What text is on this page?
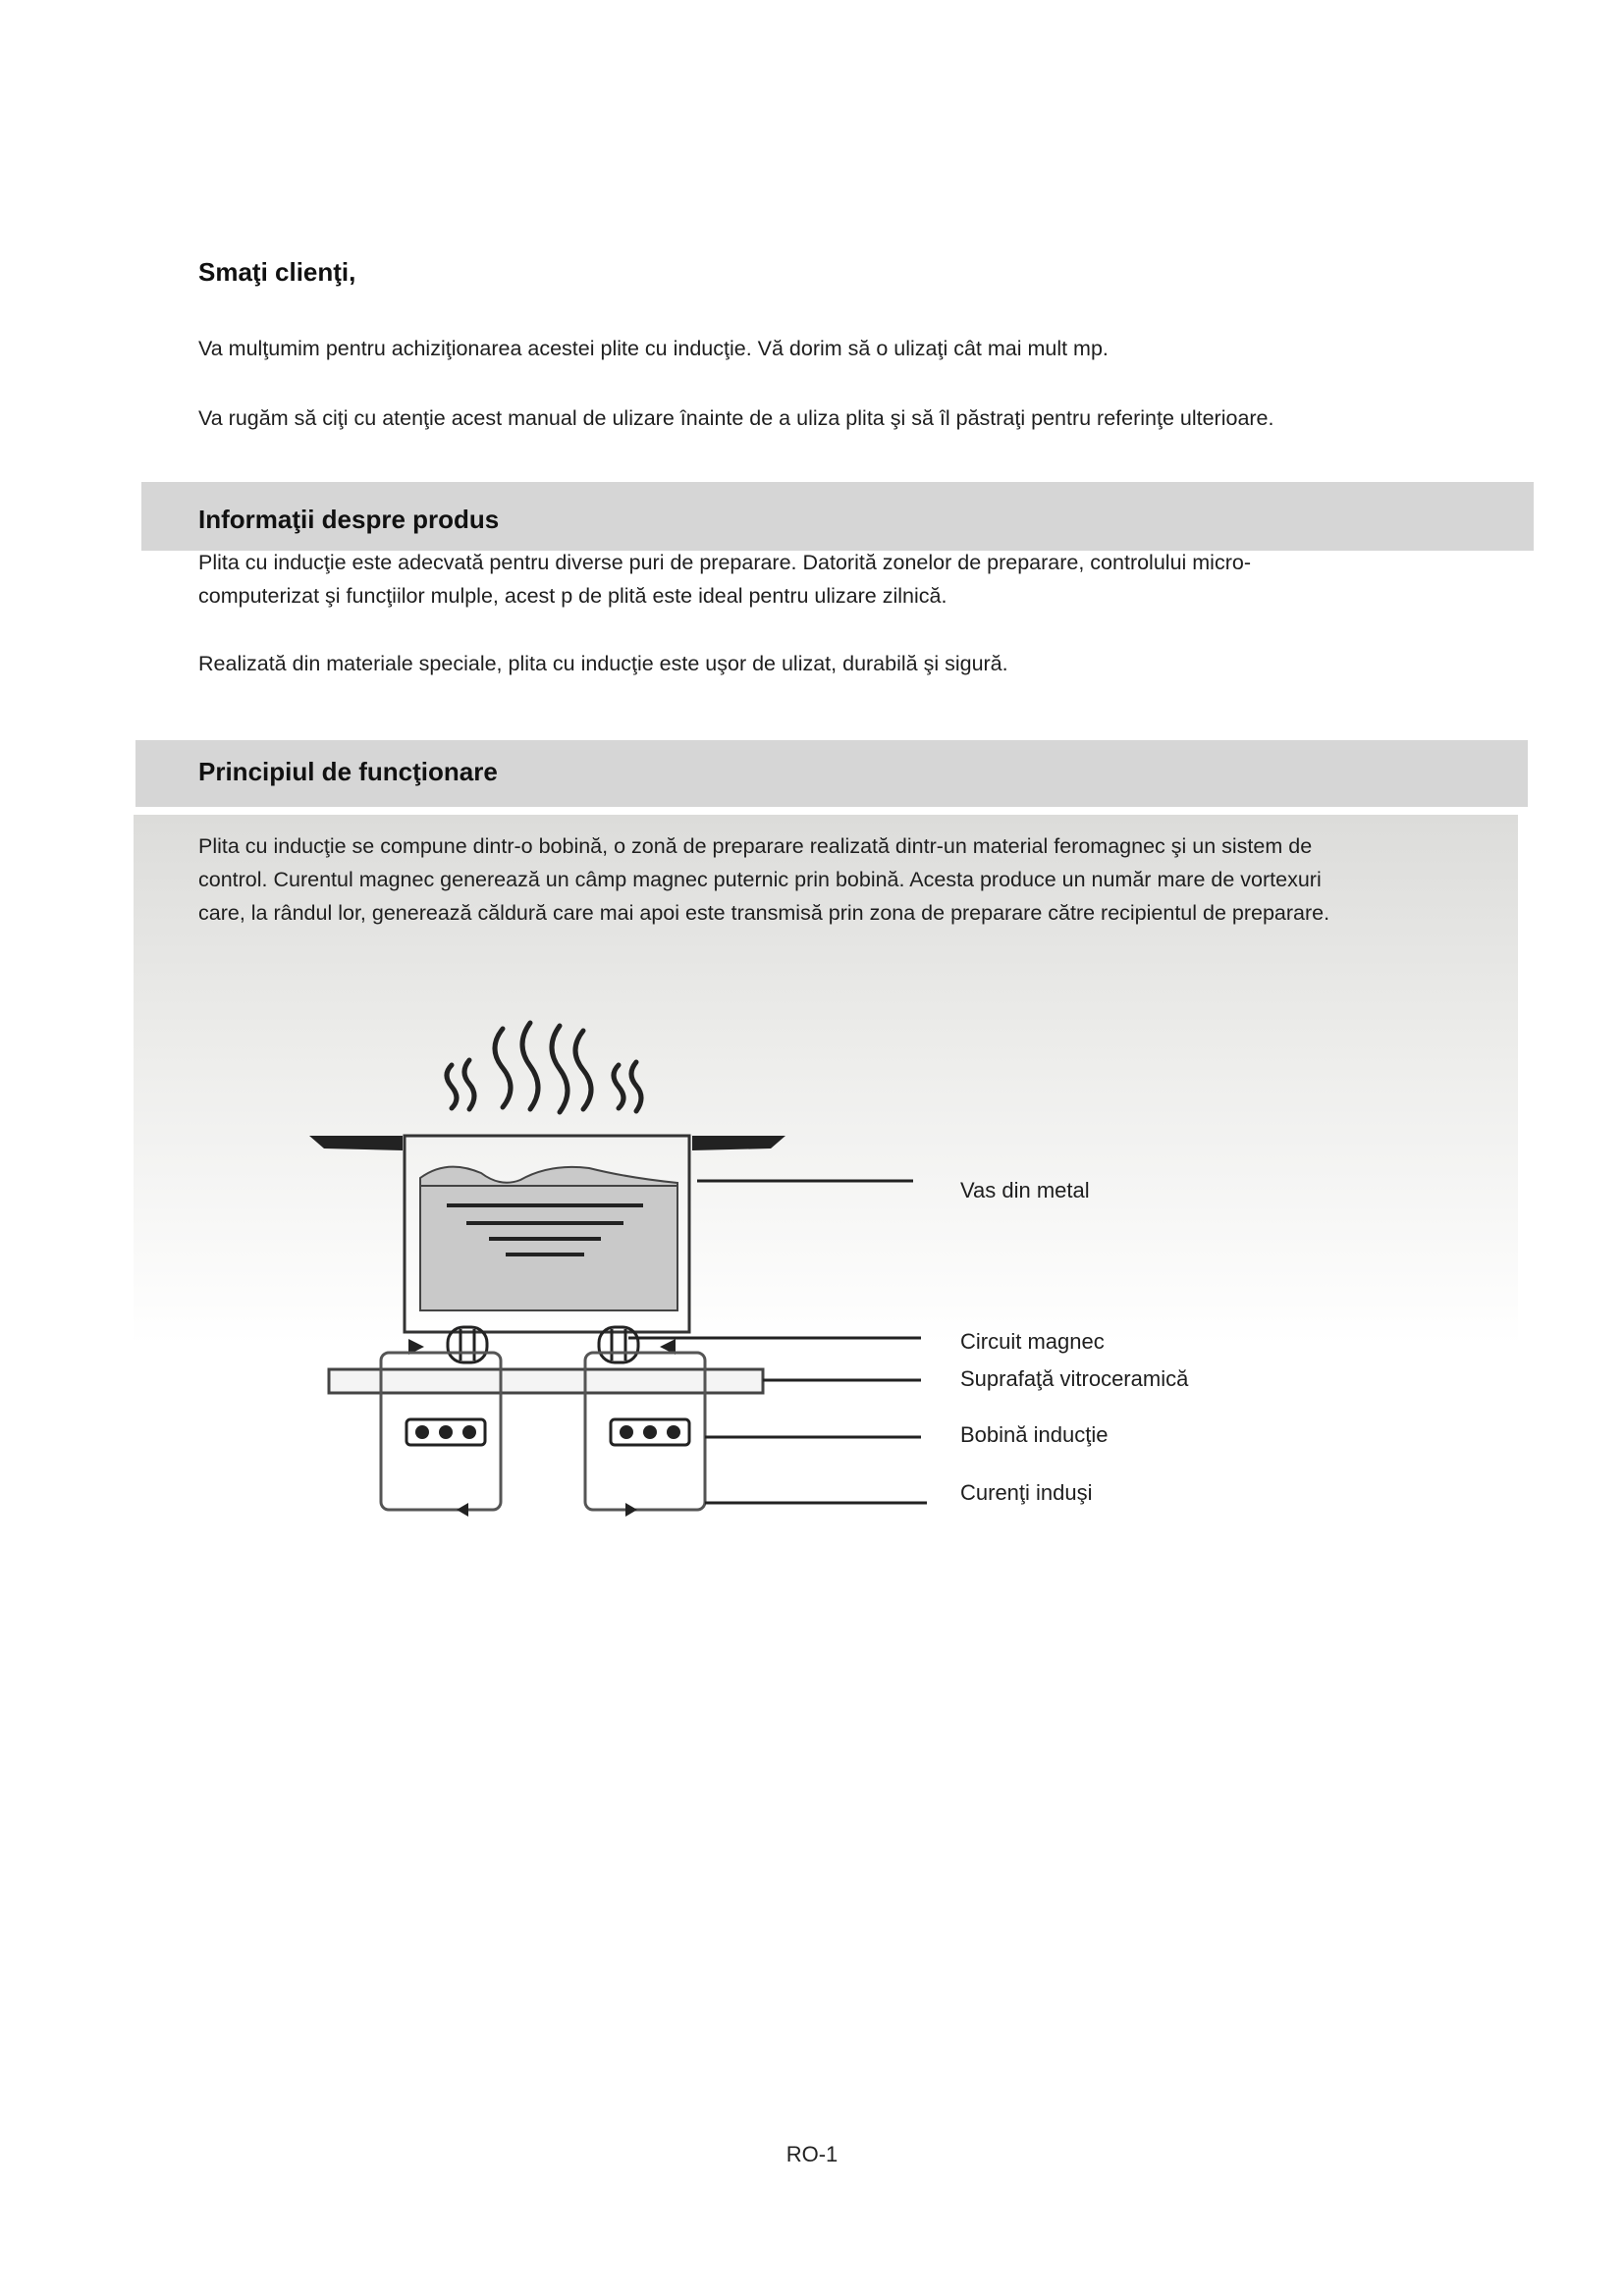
Smaţi clienţi,
Va mulţumim pentru achiziţionarea acestei plite cu inducţie. Vă dorim să o ulizaţi cât mai mult mp.
Va rugăm să ciţi cu atenţie acest manual de ulizare înainte de a uliza plita şi să îl păstraţi pentru referinţe ulterioare.
Informaţii despre produs
Plita cu inducţie este adecvată pentru diverse puri de preparare. Datorită zonelor de preparare, controlului micro-
computerizat şi funcţiilor mulple, acest p de plită este ideal pentru ulizare zilnică.
Realizată din materiale speciale, plita cu inducţie este uşor de ulizat, durabilă şi sigură.
Principiul de funcţionare
Plita cu inducţie se compune dintr-o bobină, o zonă de preparare realizată dintr-un material feromagnec şi un sistem de
control. Curentul magnec generează un câmp magnec puternic prin bobină. Acesta produce un număr mare de vortexuri
care, la rândul lor, generează căldură care mai apoi este transmisă prin zona de preparare către recipientul de preparare.
Vas din metal
Circuit magnec
Suprafaţă vitroceramică
Bobină inducţie
Curenţi induşi
RO-1
